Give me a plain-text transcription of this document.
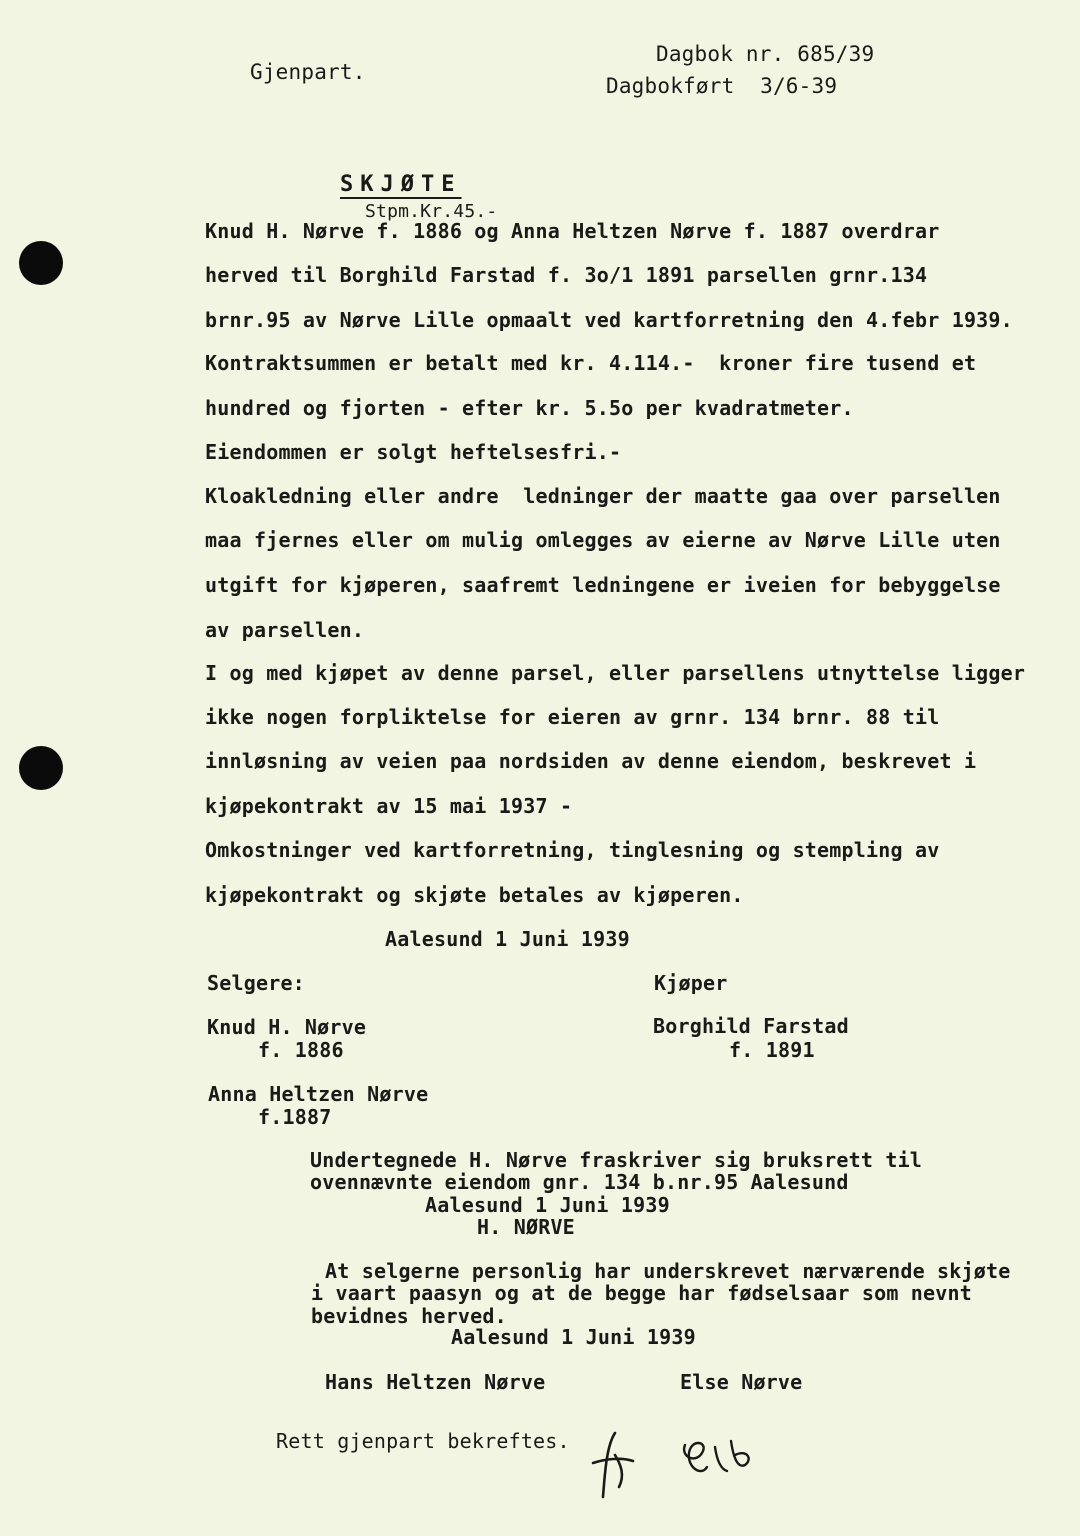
Gjenpart.
Dagbok nr. 685/39
Dagbokført  3/6-39
SKJØTE
Stpm.Kr.45.-
Knud H. Nørve f. 1886 og Anna Heltzen Nørve f. 1887 overdrar
herved til Borghild Farstad f. 3o/1 1891 parsellen grnr.134
brnr.95 av Nørve Lille opmaalt ved kartforretning den 4.febr 1939.
Kontraktsummen er betalt med kr. 4.114.-  kroner fire tusend et
hundred og fjorten - efter kr. 5.5o per kvadratmeter.
Eiendommen er solgt heftelsesfri.-
Kloakledning eller andre  ledninger der maatte gaa over parsellen
maa fjernes eller om mulig omlegges av eierne av Nørve Lille uten
utgift for kjøperen, saafremt ledningene er iveien for bebyggelse
av parsellen.
I og med kjøpet av denne parsel, eller parsellens utnyttelse ligger
ikke nogen forpliktelse for eieren av grnr. 134 brnr. 88 til
innløsning av veien paa nordsiden av denne eiendom, beskrevet i
kjøpekontrakt av 15 mai 1937 -
Omkostninger ved kartforretning, tinglesning og stempling av
kjøpekontrakt og skjøte betales av kjøperen.
Aalesund 1 Juni 1939
Selgere:
Knud H. Nørve
f. 1886
Anna Heltzen Nørve
f.1887
Kjøper
Borghild Farstad
f. 1891
Undertegnede H. Nørve fraskriver sig bruksrett til
ovennævnte eiendom gnr. 134 b.nr.95 Aalesund
Aalesund 1 Juni 1939
H. NØRVE
At selgerne personlig har underskrevet nærværende skjøte
i vaart paasyn og at de begge har fødselsaar som nevnt
bevidnes herved.
Aalesund 1 Juni 1939
Hans Heltzen Nørve	Else Nørve
Rett gjenpart bekreftes.
